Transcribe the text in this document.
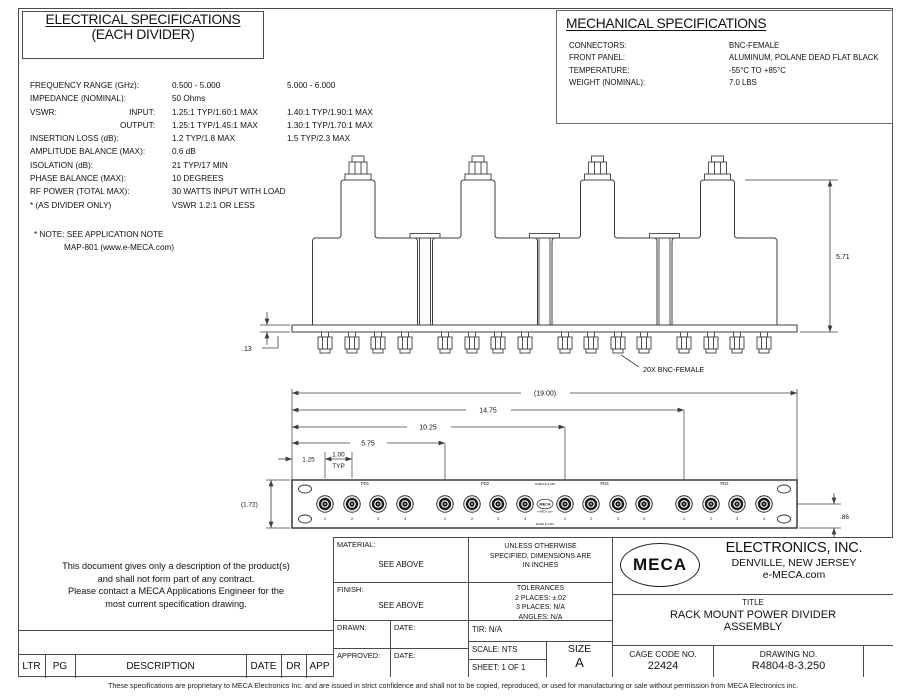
ELECTRICAL SPECIFICATIONS
(EACH DIVIDER)
FREQUENCY RANGE (GHz):	0.500 - 5.000	5.000 - 6.000
IMPEDANCE (NOMINAL):	50 Ohms
VSWR:	INPUT: 1.25:1 TYP/1.60:1 MAX	1.40:1 TYP/1.90:1 MAX
OUTPUT: 1.25:1 TYP/1.45:1 MAX	1.30:1 TYP/1.70:1 MAX
INSERTION LOSS (dB):	1.2 TYP/1.8 MAX	1.5 TYP/2.3 MAX
AMPLITUDE BALANCE (MAX):	0.6 dB
ISOLATION (dB):	21 TYP/17 MIN
PHASE BALANCE (MAX):	10 DEGREES
RF POWER (TOTAL MAX):	30 WATTS INPUT WITH LOAD
* (AS DIVIDER ONLY)	VSWR 1.2:1 OR LESS
* NOTE: SEE APPLICATION NOTE
MAP-801 (www.e-MECA.com)
MECHANICAL SPECIFICATIONS
CONNECTORS:	BNC-FEMALE
FRONT PANEL:	ALUMINUM, POLANE DEAD FLAT BLACK
TEMPERATURE:	-55°C TO +85°C
WEIGHT (NOMINAL):	7.0 LBS
5.71
.13
20X BNC-FEMALE
(19.00)
14.75
10.25
5.75
1.25
1.00
TYP
(1.72)
.86
PD1	PD2	PD3	PD4
1	2	3	4	1	2	3	4	1	2	3	4	1	2	3	4
R4804-8-3.250
MECA
e-MECA.com
MADE IN USA
This document gives only a description of the product(s)
and shall not form part of any contract.
Please contact a MECA Applications Engineer for the
most current specification drawing.
LTR	PG	DESCRIPTION	DATE DR APP
MATERIAL:
SEE ABOVE
FINISH:
SEE ABOVE
DRAWN:	DATE:
APPROVED: DATE:
UNLESS OTHERWISE
SPECIFIED, DIMENSIONS ARE
IN INCHES
TOLERANCES
2 PLACES: ±.02
3 PLACES: N/A
ANGLES: N/A
TIR: N/A
SCALE: NTS
SHEET: 1 OF 1
SIZE
A
MECA
ELECTRONICS, INC.
DENVILLE, NEW JERSEY
e-MECA.com
TITLE
RACK MOUNT POWER DIVIDER
ASSEMBLY
CAGE CODE NO.
22424
DRAWING NO.
R4804-8-3.250
These specifications are proprietary to MECA Electronics Inc. and are issued in strict confidence and shall not to be copied, reproduced, or used for manufacturing or sale without permission from MECA Electronics inc.
